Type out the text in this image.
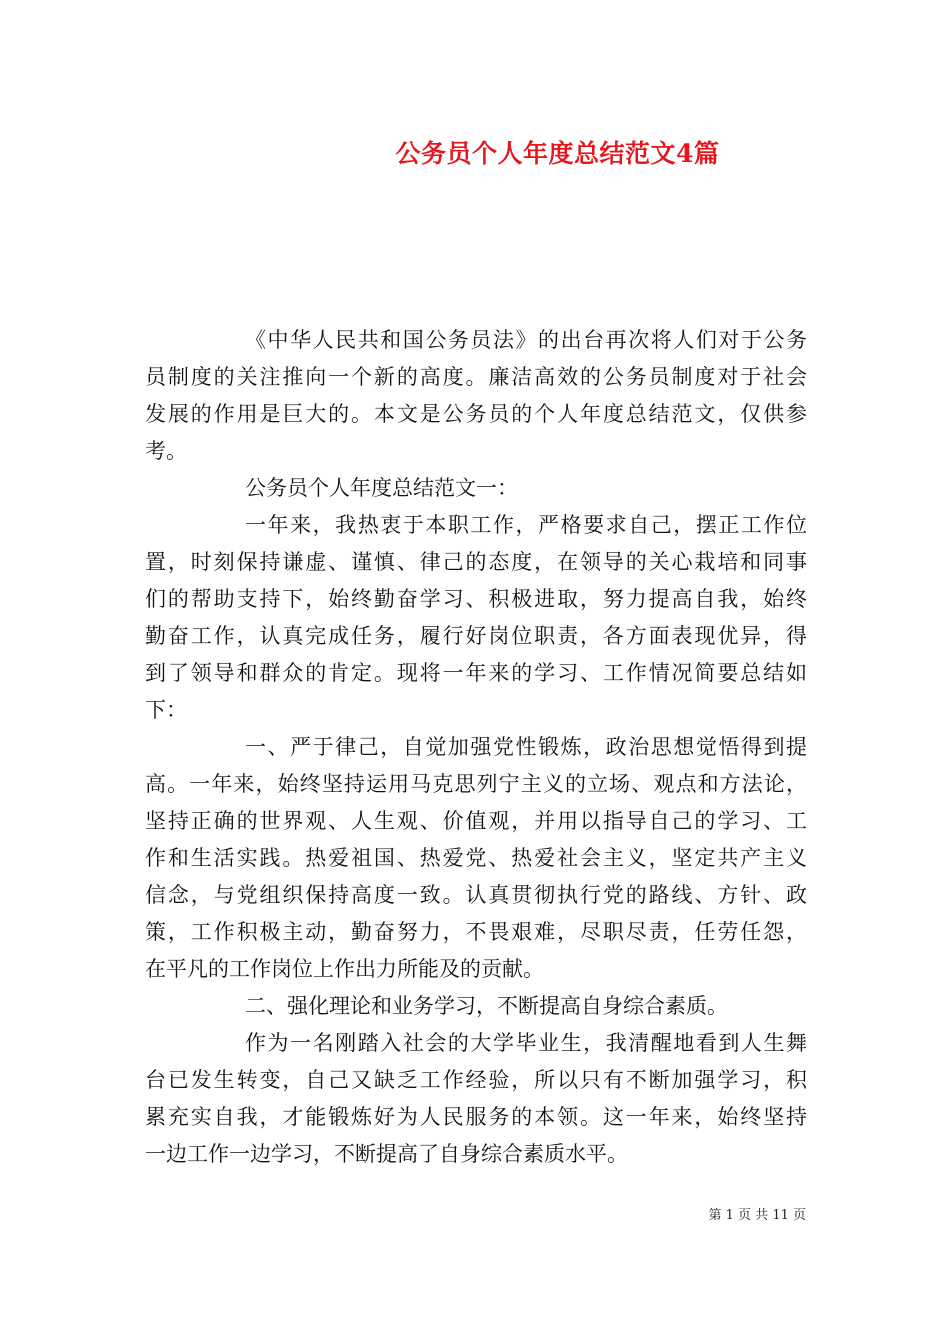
公务员个人年度总结范文4篇
《中华人民共和国公务员法》的出台再次将人们对于公务
员制度的关注推向一个新的高度。廉洁高效的公务员制度对于社会
发展的作用是巨大的。本文是公务员的个人年度总结范文，仅供参
考。
公务员个人年度总结范文一：
一年来，我热衷于本职工作，严格要求自己，摆正工作位
置，时刻保持谦虚、谨慎、律己的态度，在领导的关心栽培和同事
们的帮助支持下，始终勤奋学习、积极进取，努力提高自我，始终
勤奋工作，认真完成任务，履行好岗位职责，各方面表现优异，得
到了领导和群众的肯定。现将一年来的学习、工作情况简要总结如
下：
一、严于律己，自觉加强党性锻炼，政治思想觉悟得到提
高。一年来，始终坚持运用马克思列宁主义的立场、观点和方法论，
坚持正确的世界观、人生观、价值观，并用以指导自己的学习、工
作和生活实践。热爱祖国、热爱党、热爱社会主义，坚定共产主义
信念，与党组织保持高度一致。认真贯彻执行党的路线、方针、政
策，工作积极主动，勤奋努力，不畏艰难，尽职尽责，任劳任怨，
在平凡的工作岗位上作出力所能及的贡献。
二、强化理论和业务学习，不断提高自身综合素质。
作为一名刚踏入社会的大学毕业生，我清醒地看到人生舞
台已发生转变，自己又缺乏工作经验，所以只有不断加强学习，积
累充实自我，才能锻炼好为人民服务的本领。这一年来，始终坚持
一边工作一边学习，不断提高了自身综合素质水平。
第 1 页 共 11 页
